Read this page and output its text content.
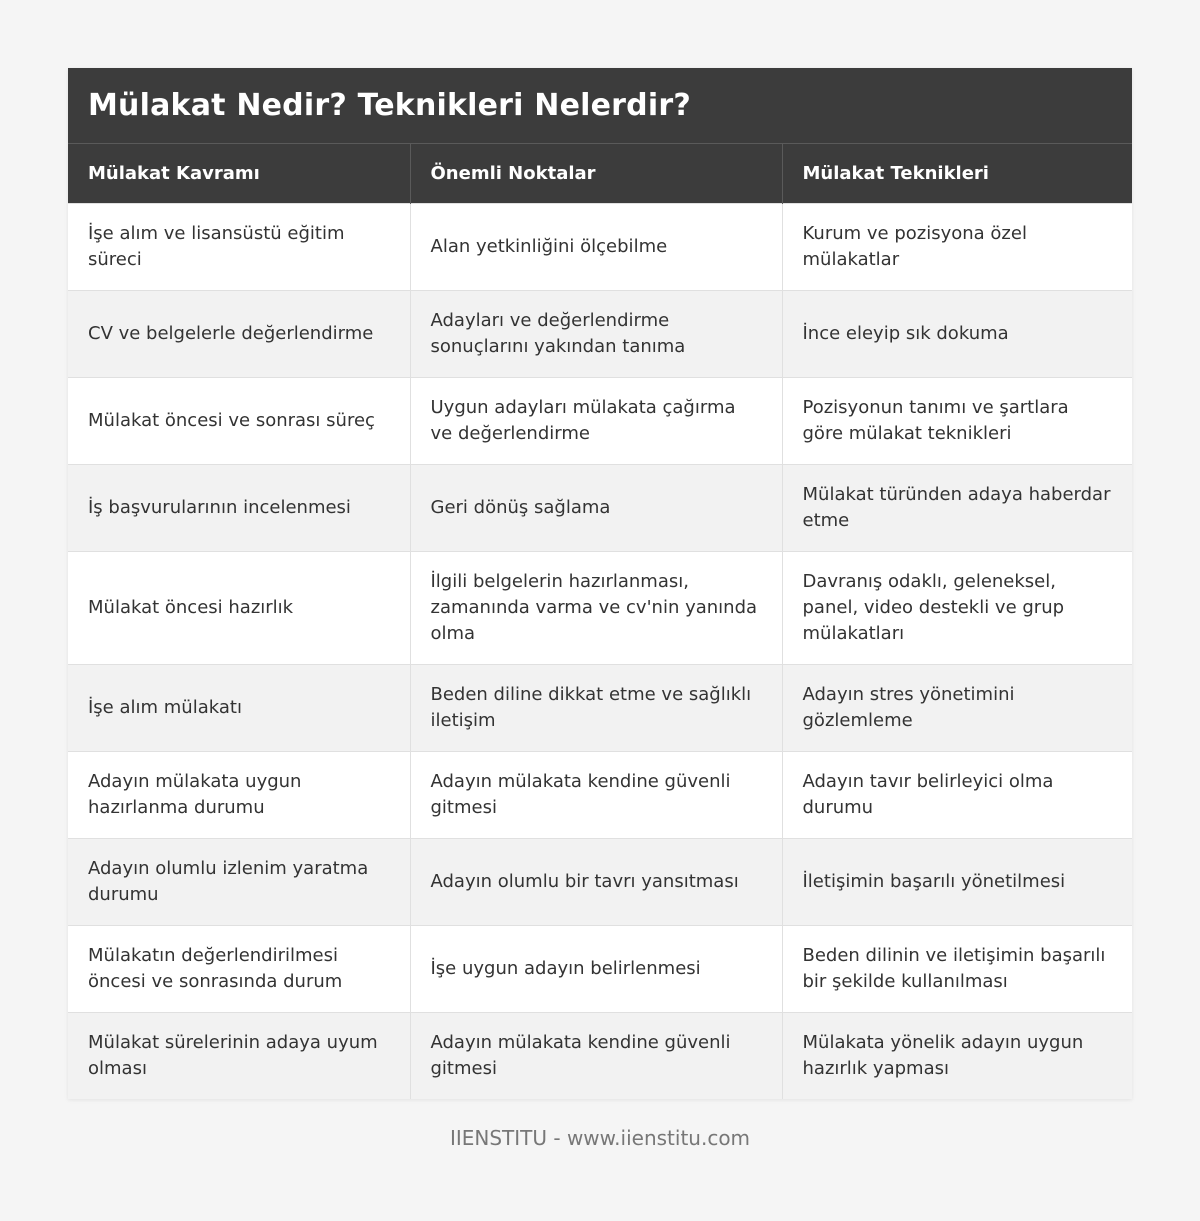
Mülakat Nedir? Teknikleri Nelerdir?
Mülakat Kavramı	Önemli Noktalar	Mülakat Teknikleri
İşe alım ve lisansüstü eğitim süreci	Alan yetkinliğini ölçebilme	Kurum ve pozisyona özel mülakatlar
CV ve belgelerle değerlendirme	Adayları ve değerlendirme sonuçlarını yakından tanıma	İnce eleyip sık dokuma
Mülakat öncesi ve sonrası süreç	Uygun adayları mülakata çağırma ve değerlendirme	Pozisyonun tanımı ve şartlara göre mülakat teknikleri
İş başvurularının incelenmesi	Geri dönüş sağlama	Mülakat türünden adaya haberdar etme
Mülakat öncesi hazırlık	İlgili belgelerin hazırlanması, zamanında varma ve cv'nin yanında olma	Davranış odaklı, geleneksel, panel, video destekli ve grup mülakatları
İşe alım mülakatı	Beden diline dikkat etme ve sağlıklı iletişim	Adayın stres yönetimini gözlemleme
Adayın mülakata uygun hazırlanma durumu	Adayın mülakata kendine güvenli gitmesi	Adayın tavır belirleyici olma durumu
Adayın olumlu izlenim yaratma durumu	Adayın olumlu bir tavrı yansıtması	İletişimin başarılı yönetilmesi
Mülakatın değerlendirilmesi öncesi ve sonrasında durum	İşe uygun adayın belirlenmesi	Beden dilinin ve iletişimin başarılı bir şekilde kullanılması
Mülakat sürelerinin adaya uyum olması	Adayın mülakata kendine güvenli gitmesi	Mülakata yönelik adayın uygun hazırlık yapması
IIENSTITU - www.iienstitu.com
